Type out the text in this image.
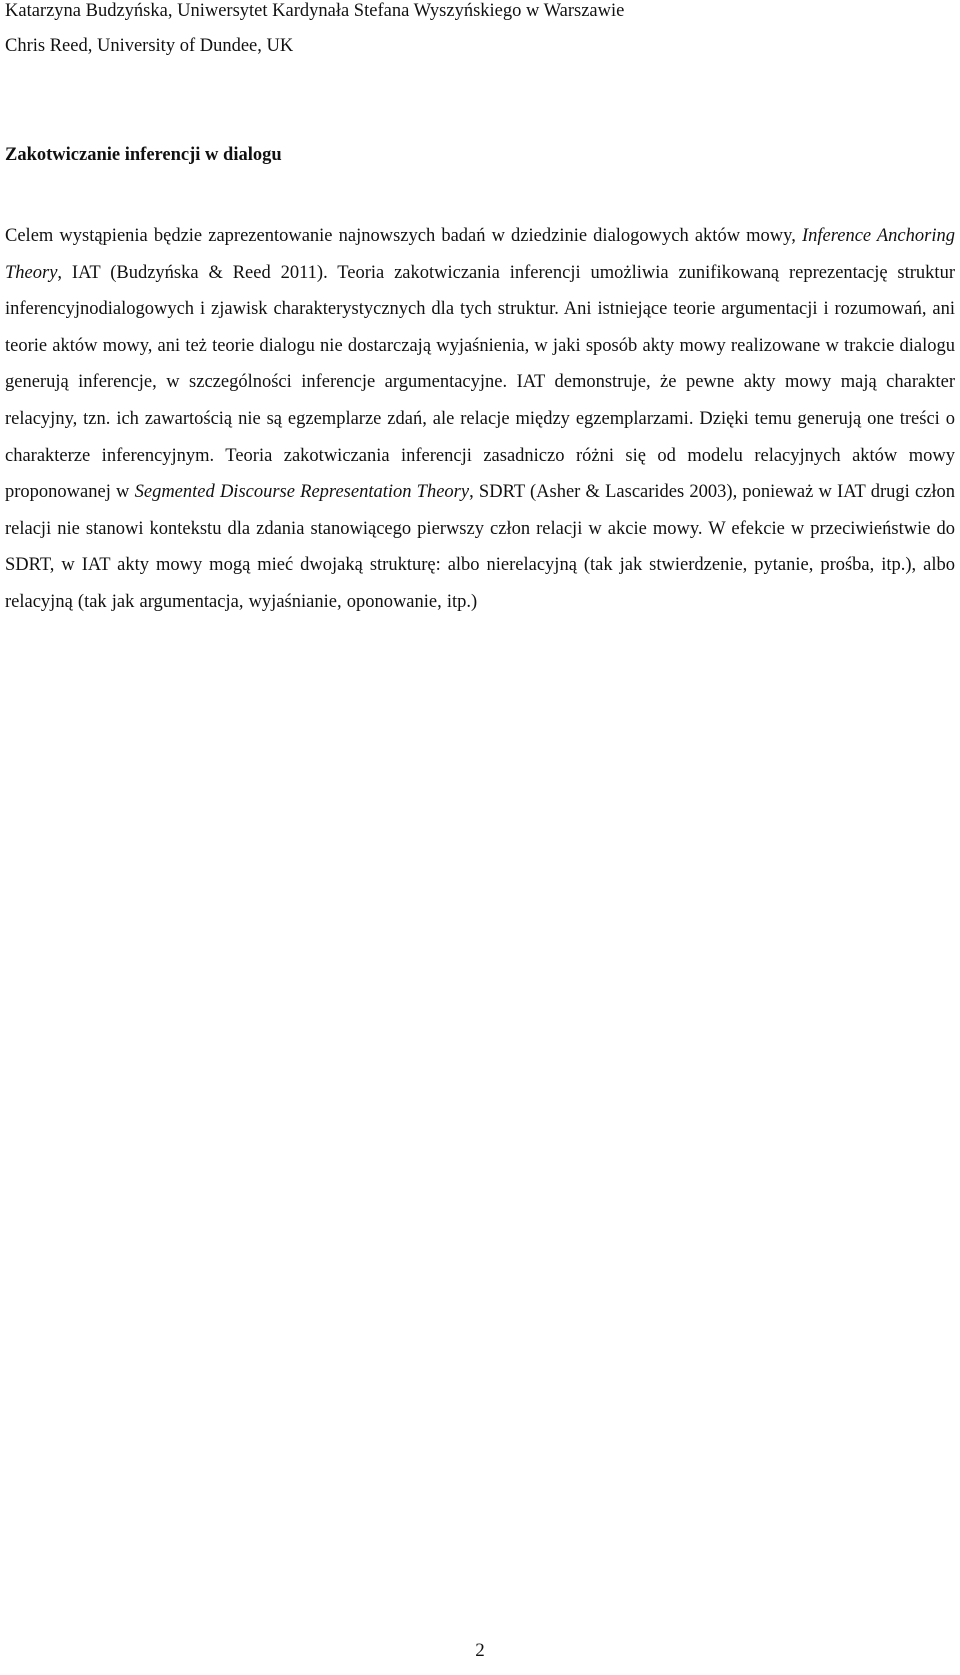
Katarzyna Budzyńska, Uniwersytet Kardynała Stefana Wyszyńskiego w Warszawie
Chris Reed, University of Dundee, UK
Zakotwiczanie inferencji w dialogu

Celem wystąpienia będzie zaprezentowanie najnowszych badań w dziedzinie dialogowych aktów mowy, Inference Anchoring Theory, IAT (Budzyńska & Reed 2011). Teoria zakotwiczania inferencji umożliwia zunifikowaną reprezentację struktur inferencyjnodialogowych i zjawisk charakterystycznych dla tych struktur. Ani istniejące teorie argumentacji i rozumowań, ani teorie aktów mowy, ani też teorie dialogu nie dostarczają wyjaśnienia, w jaki sposób akty mowy realizowane w trakcie dialogu generują inferencje, w szczególności inferencje argumentacyjne. IAT demonstruje, że pewne akty mowy mają charakter relacyjny, tzn. ich zawartością nie są egzemplarze zdań, ale relacje między egzemplarzami. Dzięki temu generują one treści o charakterze inferencyjnym. Teoria zakotwiczania inferencji zasadniczo różni się od modelu relacyjnych aktów mowy proponowanej w Segmented Discourse Representation Theory, SDRT (Asher & Lascarides 2003), ponieważ w IAT drugi człon relacji nie stanowi kontekstu dla zdania stanowiącego pierwszy człon relacji w akcie mowy. W efekcie w przeciwieństwie do SDRT, w IAT akty mowy mogą mieć dwojaką strukturę: albo nierelacyjną (tak jak stwierdzenie, pytanie, prośba, itp.), albo relacyjną (tak jak argumentacja, wyjaśnianie, oponowanie, itp.)

2
